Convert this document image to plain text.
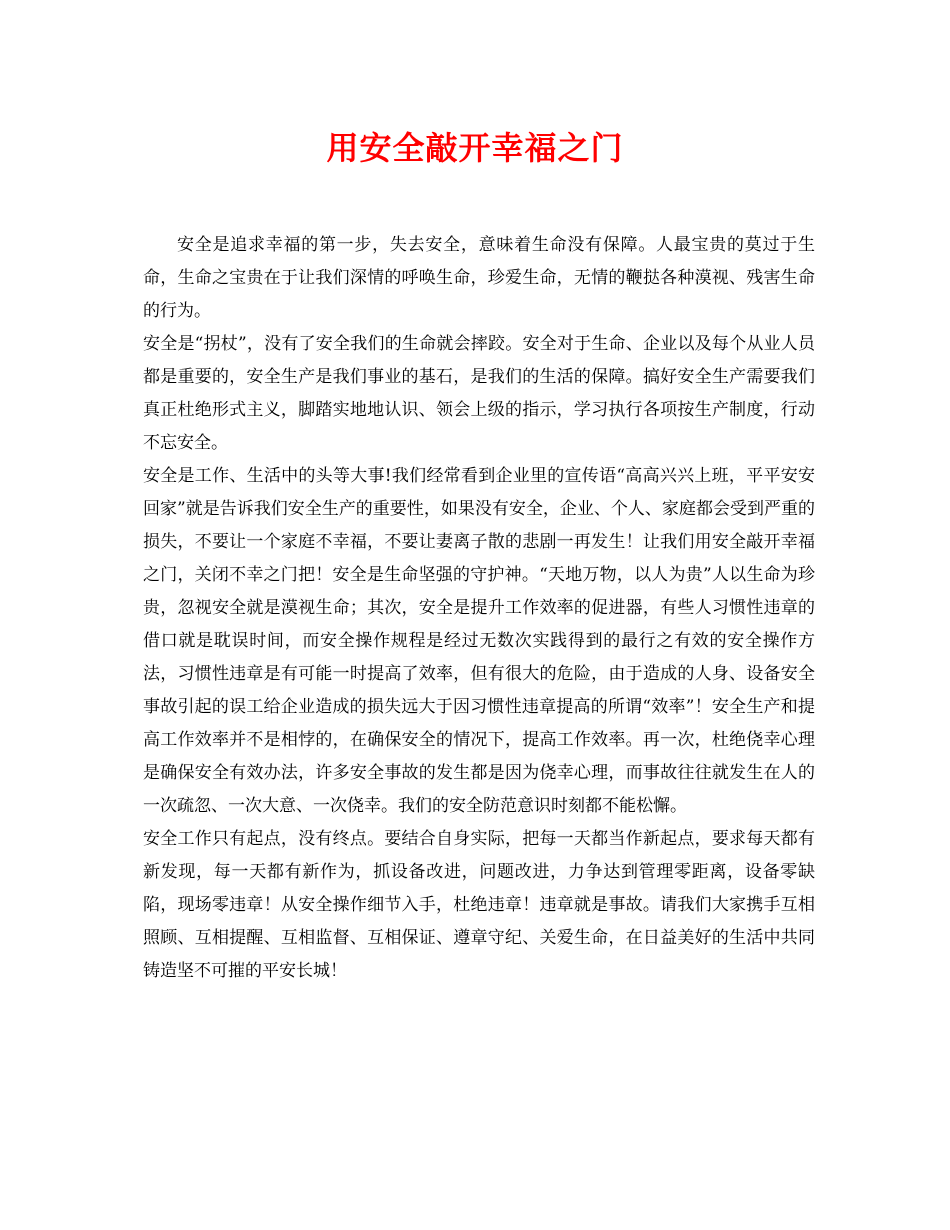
用安全敲开幸福之门

安全是追求幸福的第一步，失去安全，意味着生命没有保障。人最宝贵的莫过于生命，生命之宝贵在于让我们深情的呼唤生命，珍爱生命，无情的鞭挞各种漠视、残害生命的行为。

安全是“拐杖”，没有了安全我们的生命就会摔跤。安全对于生命、企业以及每个从业人员都是重要的，安全生产是我们事业的基石，是我们的生活的保障。搞好安全生产需要我们真正杜绝形式主义，脚踏实地地认识、领会上级的指示，学习执行各项按生产制度，行动不忘安全。

安全是工作、生活中的头等大事!我们经常看到企业里的宣传语“高高兴兴上班，平平安安回家”就是告诉我们安全生产的重要性，如果没有安全，企业、个人、家庭都会受到严重的损失，不要让一个家庭不幸福，不要让妻离子散的悲剧一再发生！让我们用安全敲开幸福之门，关闭不幸之门把！安全是生命坚强的守护神。“天地万物，以人为贵”人以生命为珍贵，忽视安全就是漠视生命；其次，安全是提升工作效率的促进器，有些人习惯性违章的借口就是耽误时间，而安全操作规程是经过无数次实践得到的最行之有效的安全操作方法，习惯性违章是有可能一时提高了效率，但有很大的危险，由于造成的人身、设备安全事故引起的误工给企业造成的损失远大于因习惯性违章提高的所谓“效率”！安全生产和提高工作效率并不是相悖的，在确保安全的情况下，提高工作效率。再一次，杜绝侥幸心理是确保安全有效办法，许多安全事故的发生都是因为侥幸心理，而事故往往就发生在人的一次疏忽、一次大意、一次侥幸。我们的安全防范意识时刻都不能松懈。

安全工作只有起点，没有终点。要结合自身实际，把每一天都当作新起点，要求每天都有新发现，每一天都有新作为，抓设备改进，问题改进，力争达到管理零距离，设备零缺陷，现场零违章！从安全操作细节入手，杜绝违章！违章就是事故。请我们大家携手互相照顾、互相提醒、互相监督、互相保证、遵章守纪、关爱生命，在日益美好的生活中共同铸造坚不可摧的平安长城！
